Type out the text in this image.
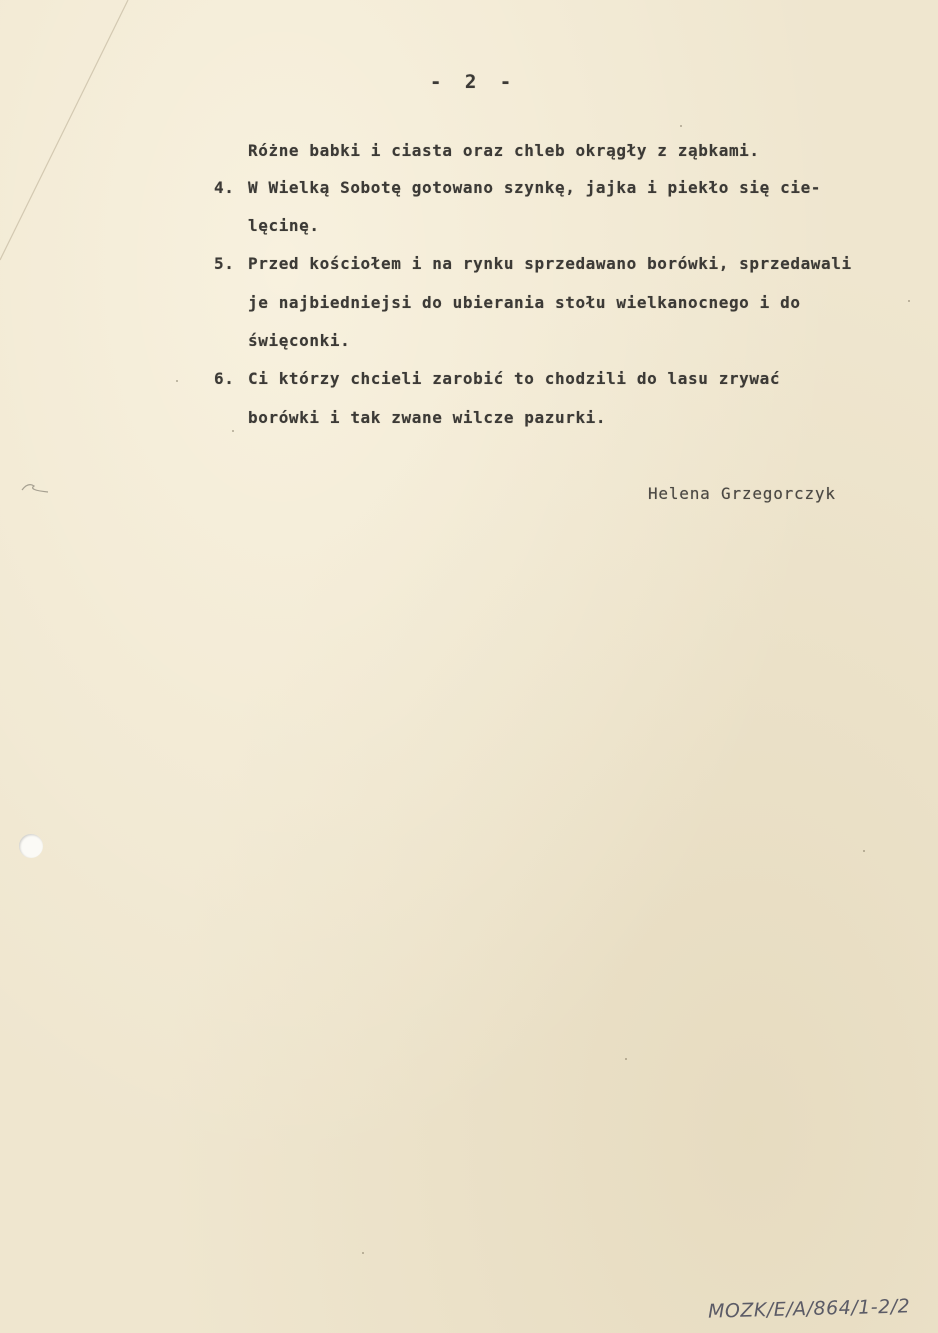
- 2 -
Różne babki i ciasta oraz chleb okrągły z ząbkami.
4. W Wielką Sobotę gotowano szynkę, jajka i piekło się cie-
lęcinę.
5. Przed kościołem i na rynku sprzedawano borówki, sprzedawali
je najbiedniejsi do ubierania stołu wielkanocnego i do
święconki.
6. Ci którzy chcieli zarobić to chodzili do lasu zrywać
borówki i tak zwane wilcze pazurki.
Helena Grzegorczyk
MOZK/E/A/864/1-2/2
